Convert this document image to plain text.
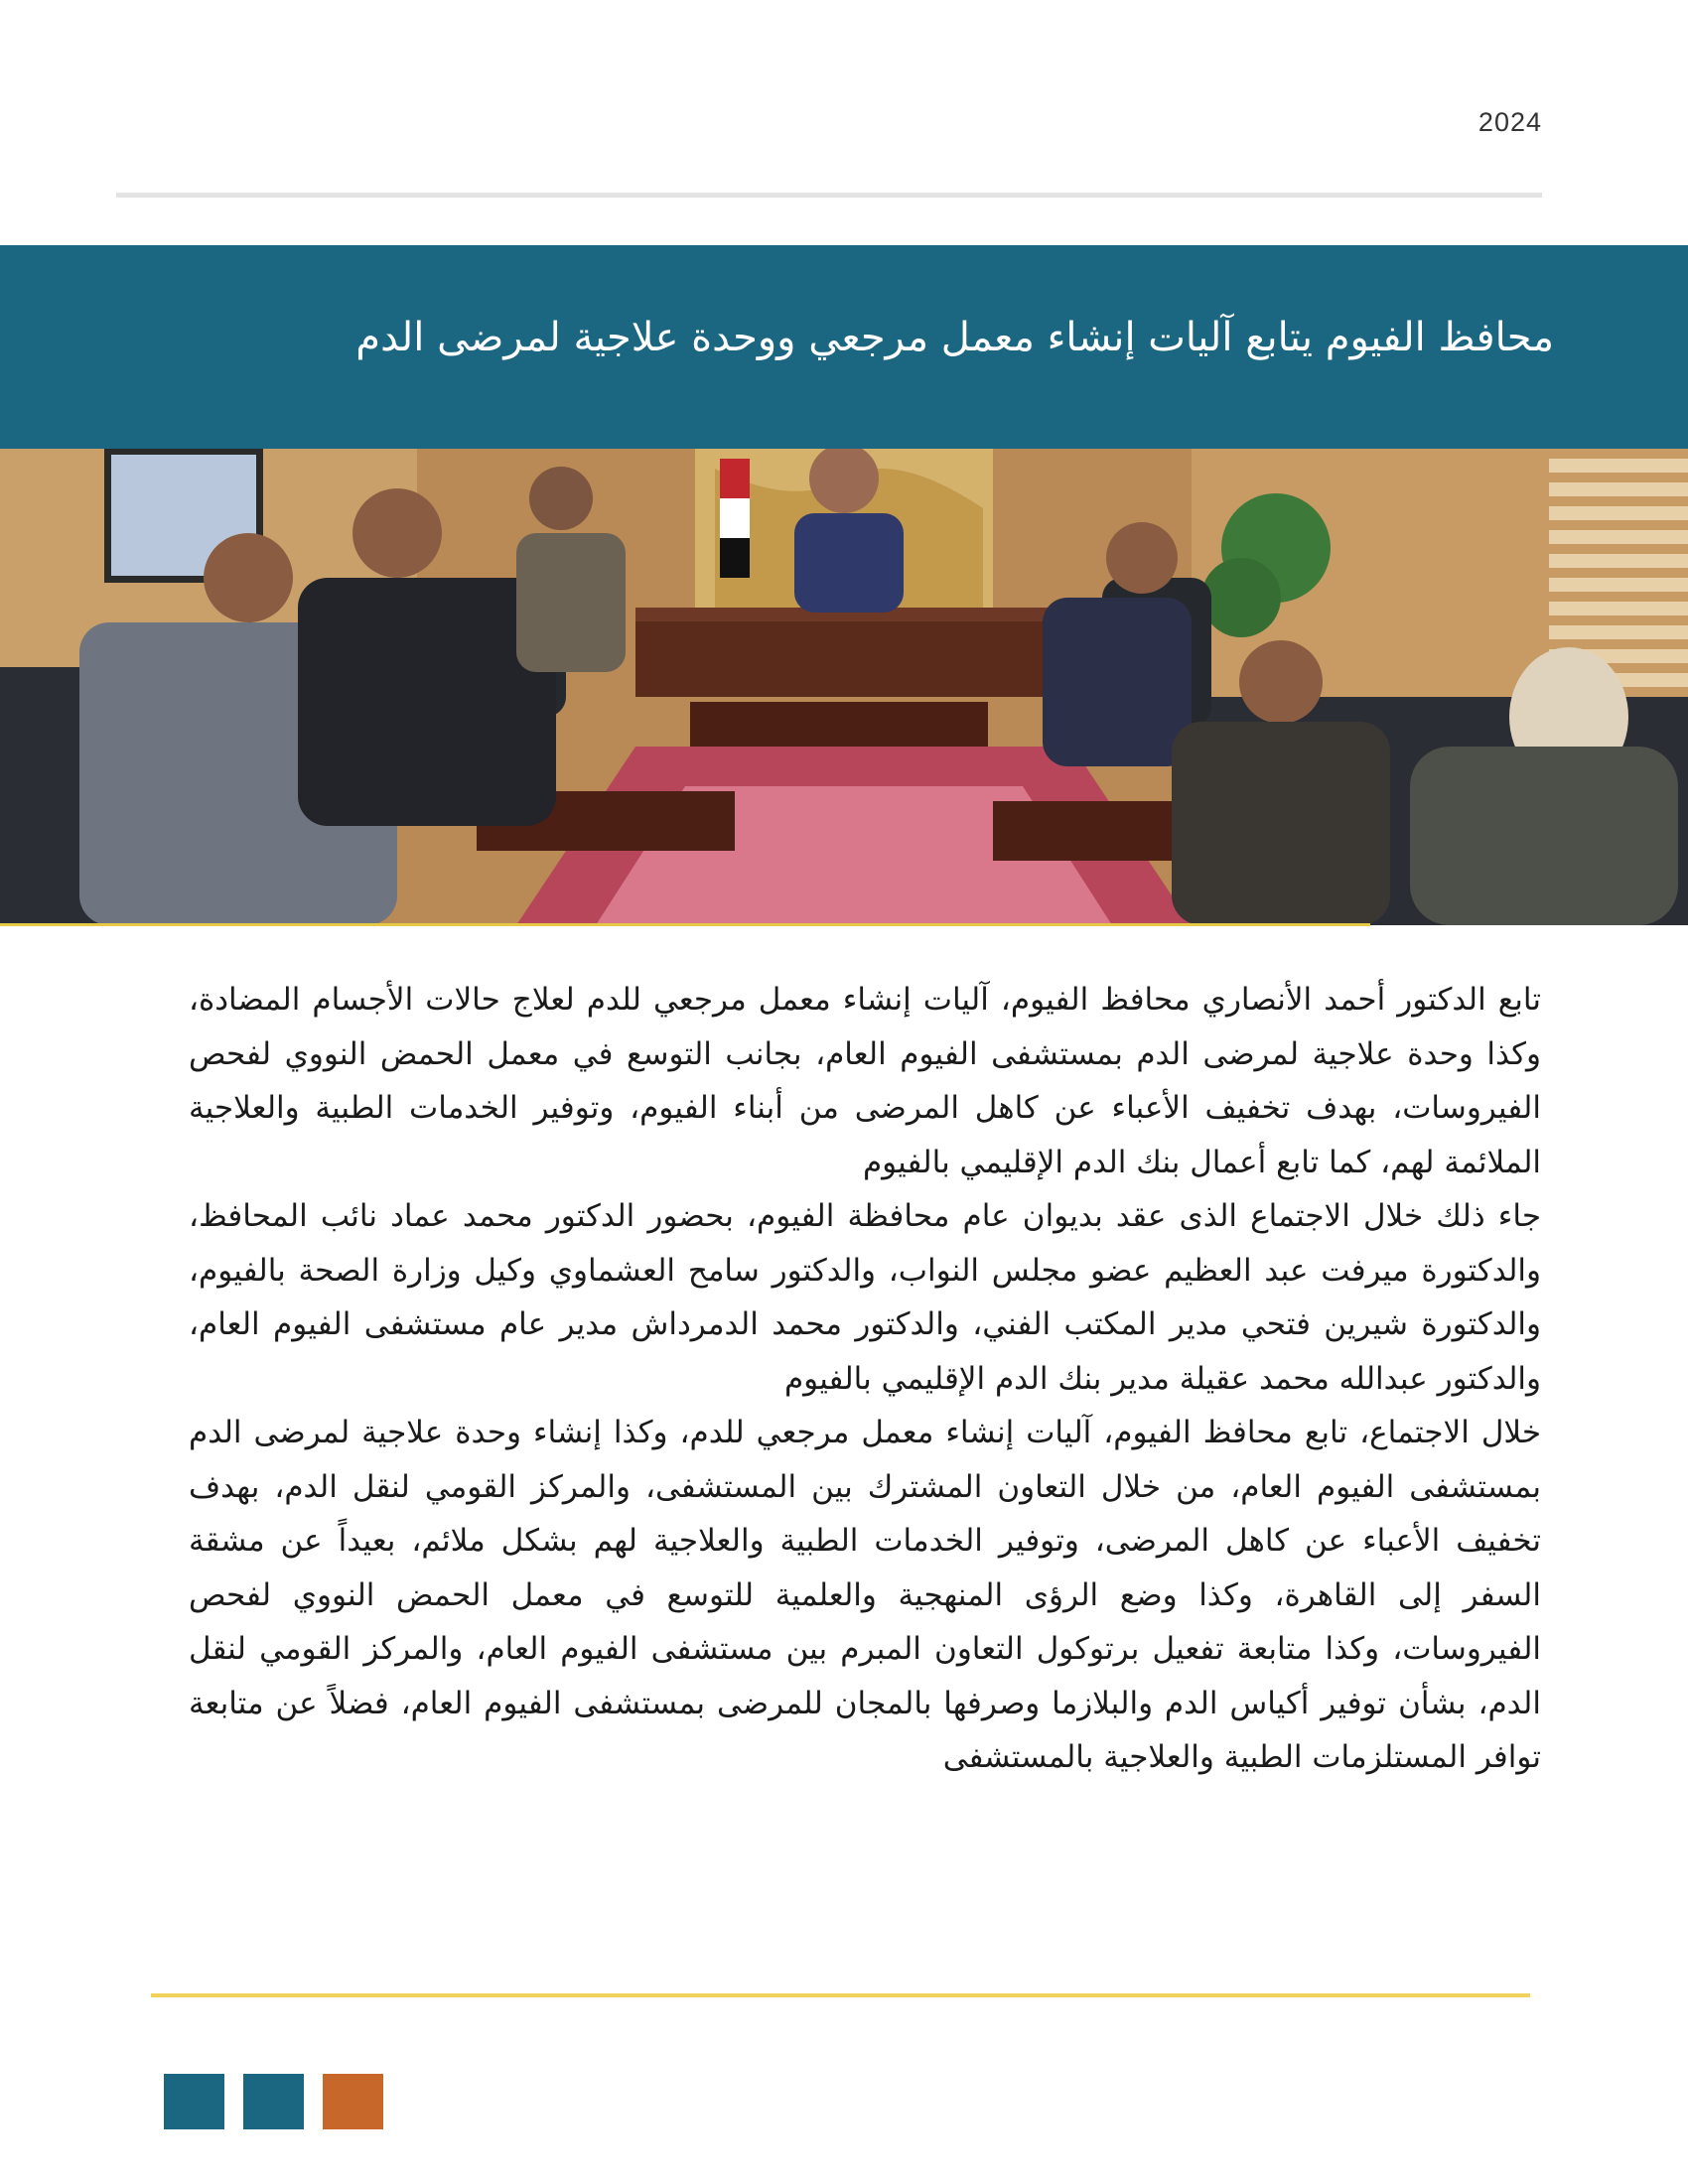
2024
محافظ الفيوم يتابع آليات إنشاء معمل مرجعي ووحدة علاجية لمرضى الدم

تابع الدكتور أحمد الأنصاري محافظ الفيوم، آليات إنشاء معمل مرجعي للدم لعلاج حالات الأجسام المضادة، وكذا وحدة علاجية لمرضى الدم بمستشفى الفيوم العام، بجانب التوسع في معمل الحمض النووي لفحص الفيروسات، بهدف تخفيف الأعباء عن كاهل المرضى من أبناء الفيوم، وتوفير الخدمات الطبية والعلاجية الملائمة لهم، كما تابع أعمال بنك الدم الإقليمي بالفيوم

جاء ذلك خلال الاجتماع الذى عقد بديوان عام محافظة الفيوم، بحضور الدكتور محمد عماد نائب المحافظ، والدكتورة ميرفت عبد العظيم عضو مجلس النواب، والدكتور سامح العشماوي وكيل وزارة الصحة بالفيوم، والدكتورة شيرين فتحي مدير المكتب الفني، والدكتور محمد الدمرداش مدير عام مستشفى الفيوم العام، والدكتور عبدالله محمد عقيلة مدير بنك الدم الإقليمي بالفيوم

خلال الاجتماع، تابع محافظ الفيوم، آليات إنشاء معمل مرجعي للدم، وكذا إنشاء وحدة علاجية لمرضى الدم بمستشفى الفيوم العام، من خلال التعاون المشترك بين المستشفى، والمركز القومي لنقل الدم، بهدف تخفيف الأعباء عن كاهل المرضى، وتوفير الخدمات الطبية والعلاجية لهم بشكل ملائم، بعيداً عن مشقة السفر إلى القاهرة، وكذا وضع الرؤى المنهجية والعلمية للتوسع في معمل الحمض النووي لفحص الفيروسات، وكذا متابعة تفعيل برتوكول التعاون المبرم بين مستشفى الفيوم العام، والمركز القومي لنقل الدم، بشأن توفير أكياس الدم والبلازما وصرفها بالمجان للمرضى بمستشفى الفيوم العام، فضلاً عن متابعة توافر المستلزمات الطبية والعلاجية بالمستشفى
